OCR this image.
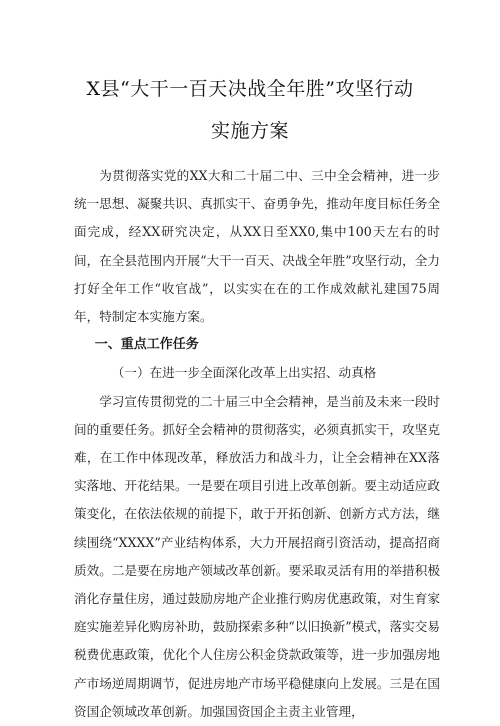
X县“大干一百天决战全年胜”攻坚行动
实施方案

为贯彻落实党的XX大和二十届二中、三中全会精神，进一步统一思想、凝聚共识、真抓实干、奋勇争先，推动年度目标任务全面完成，经XX研究决定，从XX日至XX0,集中100天左右的时间，在全县范围内开展“大干一百天、决战全年胜”攻坚行动，全力打好全年工作“收官战”，以实实在在的工作成效献礼建国75周年，特制定本实施方案。

一、重点工作任务

（一）在进一步全面深化改革上出实招、动真格

学习宣传贯彻党的二十届三中全会精神，是当前及未来一段时间的重要任务。抓好全会精神的贯彻落实，必须真抓实干，攻坚克难，在工作中体现改革，释放活力和战斗力，让全会精神在XX落实落地、开花结果。一是要在项目引进上改革创新。要主动适应政策变化，在依法依规的前提下，敢于开拓创新、创新方式方法，继续围绕“XXXX”产业结构体系，大力开展招商引资活动，提高招商质效。二是要在房地产领域改革创新。要采取灵活有用的举措积极消化存量住房，通过鼓励房地产企业推行购房优惠政策，对生育家庭实施差异化购房补助，鼓励探索多种“以旧换新”模式，落实交易税费优惠政策，优化个人住房公积金贷款政策等，进一步加强房地产市场逆周期调节，促进房地产市场平稳健康向上发展。三是在国资国企领域改革创新。加强国资国企主责主业管理，
